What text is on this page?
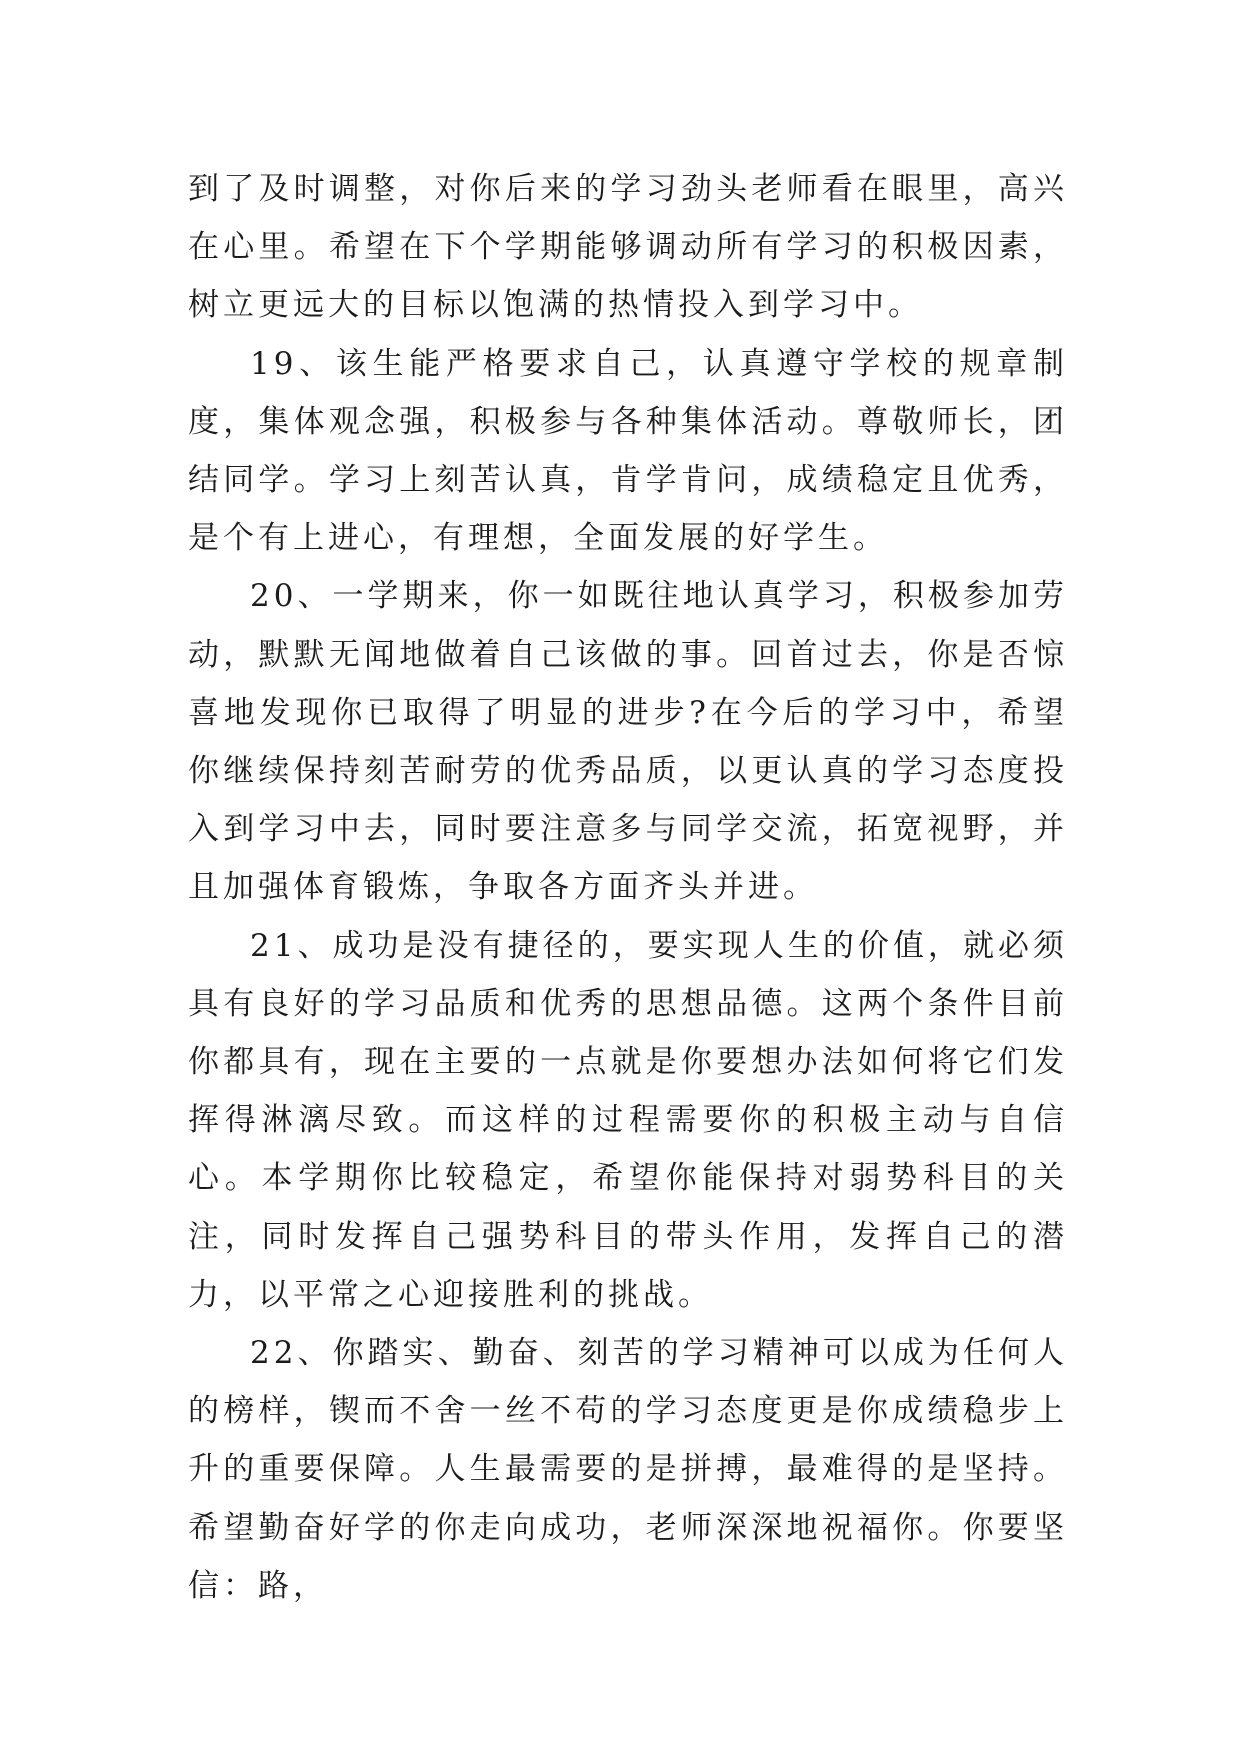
到了及时调整，对你后来的学习劲头老师看在眼里，高兴在心里。希望在下个学期能够调动所有学习的积极因素，树立更远大的目标以饱满的热情投入到学习中。

19、该生能严格要求自己，认真遵守学校的规章制度，集体观念强，积极参与各种集体活动。尊敬师长，团结同学。学习上刻苦认真，肯学肯问，成绩稳定且优秀，是个有上进心，有理想，全面发展的好学生。

20、一学期来，你一如既往地认真学习，积极参加劳动，默默无闻地做着自己该做的事。回首过去，你是否惊喜地发现你已取得了明显的进步?在今后的学习中，希望你继续保持刻苦耐劳的优秀品质，以更认真的学习态度投入到学习中去，同时要注意多与同学交流，拓宽视野，并且加强体育锻炼，争取各方面齐头并进。

21、成功是没有捷径的，要实现人生的价值，就必须具有良好的学习品质和优秀的思想品德。这两个条件目前你都具有，现在主要的一点就是你要想办法如何将它们发挥得淋漓尽致。而这样的过程需要你的积极主动与自信心。本学期你比较稳定，希望你能保持对弱势科目的关注，同时发挥自己强势科目的带头作用，发挥自己的潜力，以平常之心迎接胜利的挑战。

22、你踏实、勤奋、刻苦的学习精神可以成为任何人的榜样，锲而不舍一丝不苟的学习态度更是你成绩稳步上升的重要保障。人生最需要的是拼搏，最难得的是坚持。希望勤奋好学的你走向成功，老师深深地祝福你。你要坚信：路，
